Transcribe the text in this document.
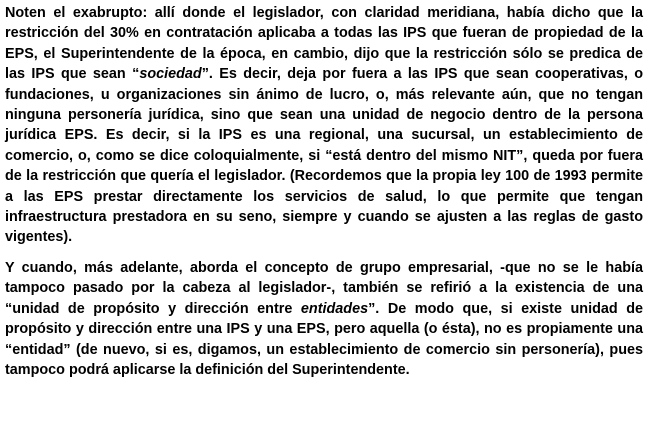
Noten el exabrupto: allí donde el legislador, con claridad meridiana, había dicho que la restricción del 30% en contratación aplicaba a todas las IPS que fueran de propiedad de la EPS, el Superintendente de la época, en cambio, dijo que la restricción sólo se predica de las IPS que sean “sociedad”. Es decir, deja por fuera a las IPS que sean cooperativas, o fundaciones, u organizaciones sin ánimo de lucro, o, más relevante aún, que no tengan ninguna personería jurídica, sino que sean una unidad de negocio dentro de la persona jurídica EPS. Es decir, si la IPS es una regional, una sucursal, un establecimiento de comercio, o, como se dice coloquialmente, si “está dentro del mismo NIT”, queda por fuera de la restricción que quería el legislador. (Recordemos que la propia ley 100 de 1993 permite a las EPS prestar directamente los servicios de salud, lo que permite que tengan infraestructura prestadora en su seno, siempre y cuando se ajusten a las reglas de gasto vigentes).

Y cuando, más adelante, aborda el concepto de grupo empresarial, -que no se le había tampoco pasado por la cabeza al legislador-, también se refirió a la existencia de una “unidad de propósito y dirección entre entidades”. De modo que, si existe unidad de propósito y dirección entre una IPS y una EPS, pero aquella (o ésta), no es propiamente una “entidad” (de nuevo, si es, digamos, un establecimiento de comercio sin personería), pues tampoco podrá aplicarse la definición del Superintendente.
